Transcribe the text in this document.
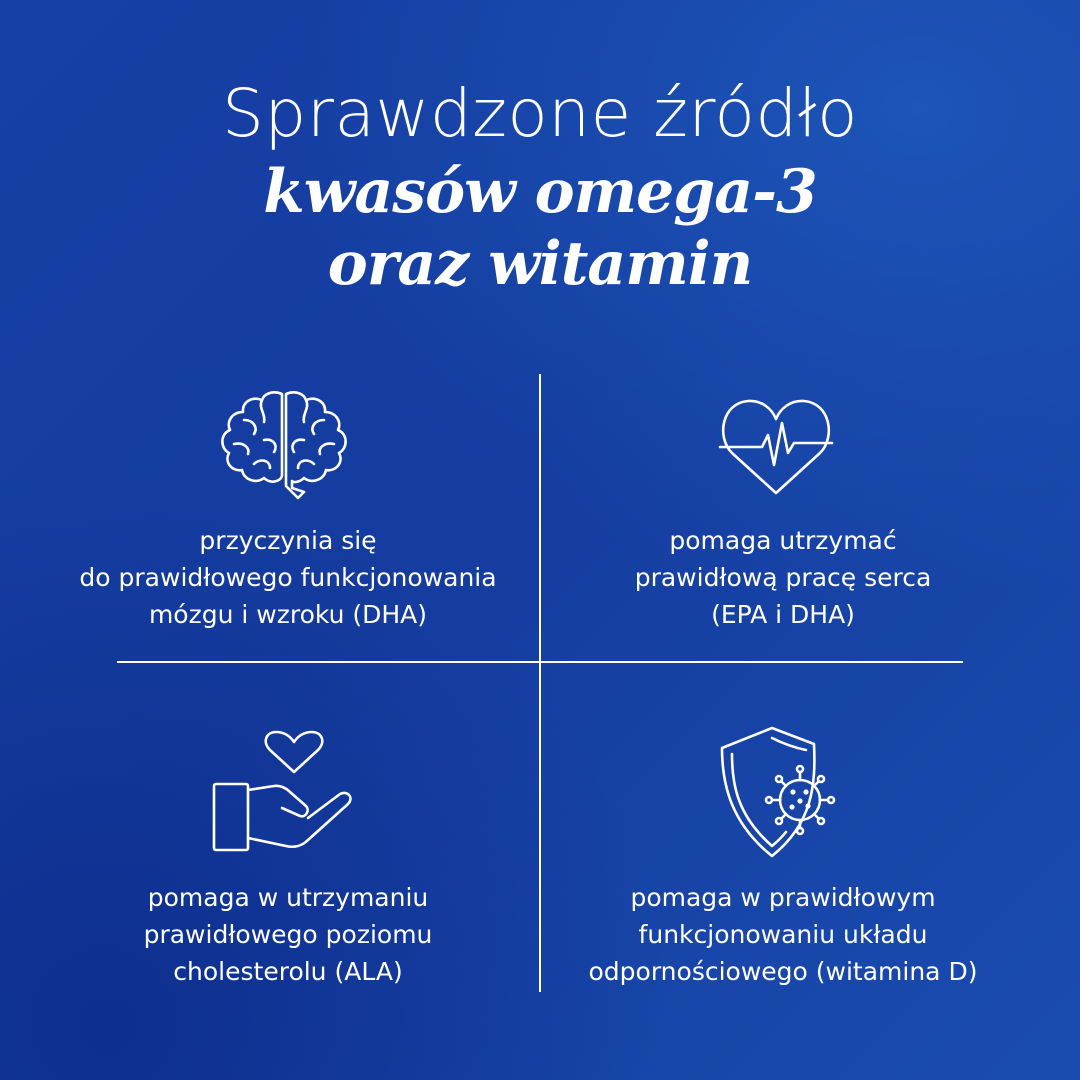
Sprawdzone źródło
kwasów omega-3
oraz witamin
przyczynia się
do prawidłowego funkcjonowania
mózgu i wzroku (DHA)
pomaga utrzymać
prawidłową pracę serca
(EPA i DHA)
pomaga w utrzymaniu
prawidłowego poziomu
cholesterolu (ALA)
pomaga w prawidłowym
funkcjonowaniu układu
odpornościowego (witamina D)
